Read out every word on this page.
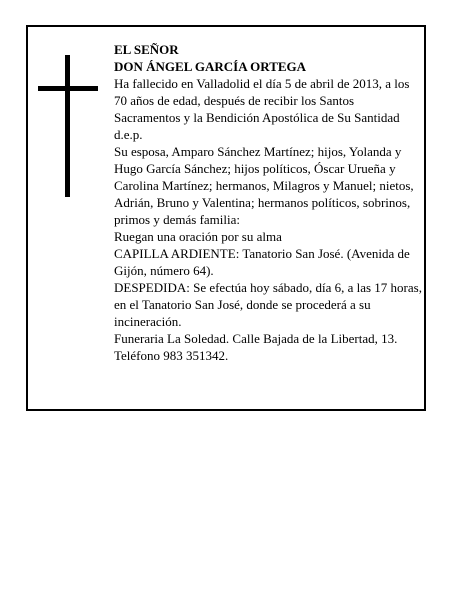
EL SEÑOR

DON ÁNGEL GARCÍA ORTEGA

Ha fallecido en Valladolid el día 5 de abril de 2013, a los 70 años de edad, después de recibir los Santos Sacramentos y la Bendición Apostólica de Su Santidad d.e.p.

Su esposa, Amparo Sánchez Martínez; hijos, Yolanda y Hugo García Sánchez; hijos políticos, Óscar Urueña y Carolina Martínez; hermanos, Milagros y Manuel; nietos, Adrián, Bruno y Valentina; hermanos políticos, sobrinos, primos y demás familia:

Ruegan una oración por su alma

CAPILLA ARDIENTE: Tanatorio San José. (Avenida de Gijón, número 64).

DESPEDIDA: Se efectúa hoy sábado, día 6, a las 17 horas, en el Tanatorio San José, donde se procederá a su incineración.

Funeraria La Soledad. Calle Bajada de la Libertad, 13. Teléfono 983 351342.
